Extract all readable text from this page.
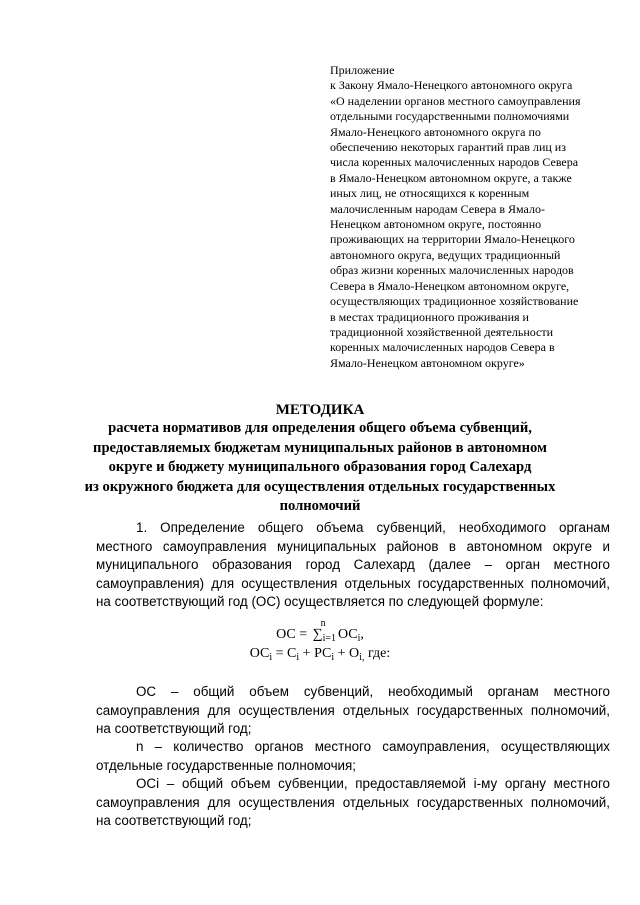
Приложение
к Закону Ямало-Ненецкого автономного округа
«О наделении органов местного самоуправления
отдельными государственными полномочиями
Ямало-Ненецкого автономного округа по
обеспечению некоторых гарантий прав лиц из
числа коренных малочисленных народов Севера
в Ямало-Ненецком автономном округе, а также
иных лиц, не относящихся к коренным
малочисленным народам Севера в Ямало-
Ненецком автономном округе, постоянно
проживающих на территории Ямало-Ненецкого
автономного округа, ведущих традиционный
образ жизни коренных малочисленных народов
Севера в Ямало-Ненецком автономном округе,
осуществляющих традиционное хозяйствование
в местах традиционного проживания и
традиционной хозяйственной деятельности
коренных малочисленных народов Севера в
Ямало-Ненецком автономном округе»
МЕТОДИКА
расчета нормативов для определения общего объема субвенций,
предоставляемых бюджетам муниципальных районов в автономном
округе и бюджету муниципального образования город Салехард
из окружного бюджета для осуществления отдельных государственных
полномочий
1. Определение общего объема субвенций, необходимого органам
местного самоуправления муниципальных районов в автономном округе и
муниципального образования город Салехард (далее – орган местного
самоуправления) для осуществления отдельных государственных полномочий,
на соответствующий год (ОС) осуществляется по следующей формуле:
ОС =
n
$\sum_{i=1}$ $ОС_i$,
$ОС_i = С_i + РС_i + О_{i,}$ где:
ОС – общий объем субвенций, необходимый органам местного
самоуправления для осуществления отдельных государственных полномочий,
на соответствующий год;
n – количество органов местного самоуправления, осуществляющих
отдельные государственные полномочия;
ОСi – общий объем субвенции, предоставляемой i-му органу местного
самоуправления для осуществления отдельных государственных полномочий,
на соответствующий год;
